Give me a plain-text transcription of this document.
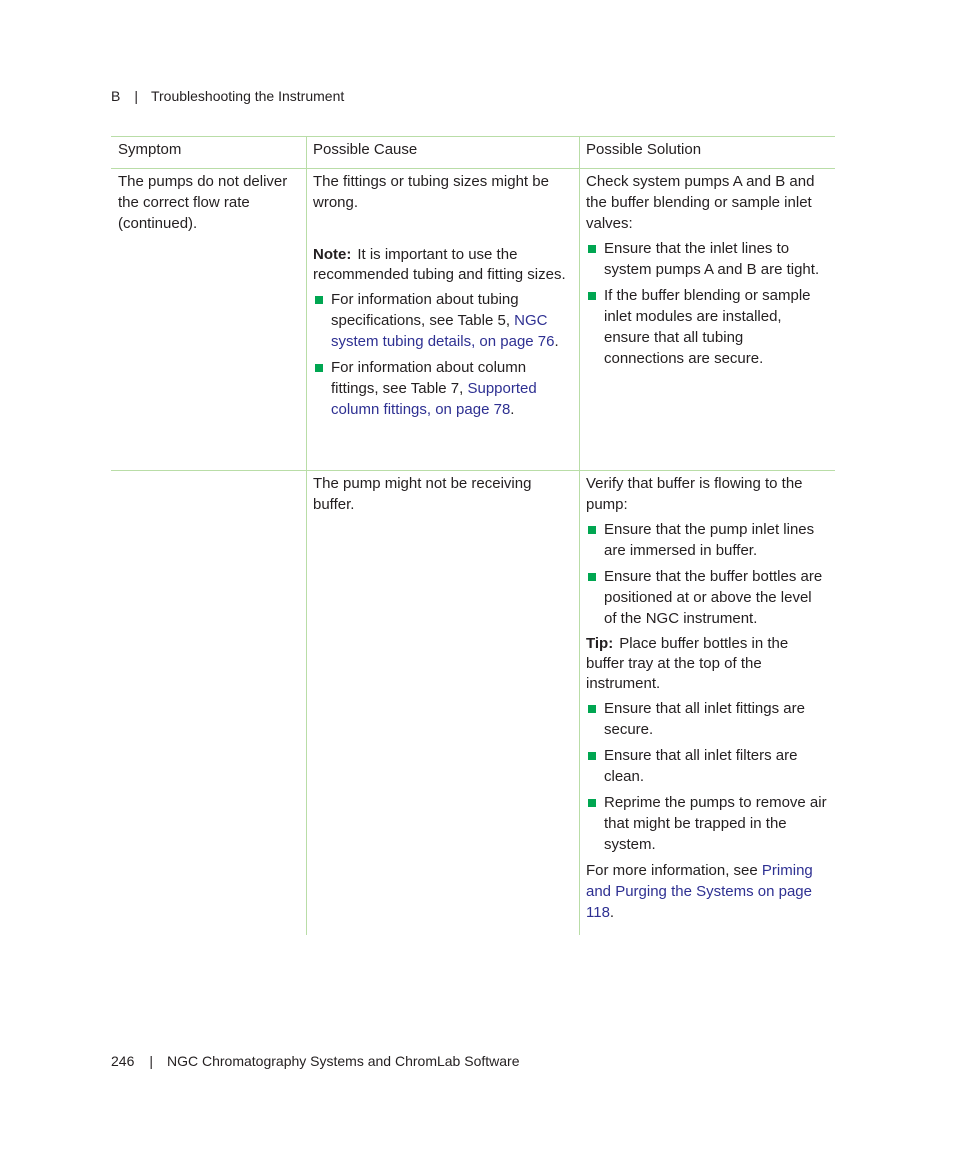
B | Troubleshooting the Instrument
Symptom	Possible Cause	Possible Solution

The pumps do not deliver the correct flow rate (continued).

The fittings or tubing sizes might be wrong.

Note: It is important to use the recommended tubing and fitting sizes.

For information about tubing specifications, see Table 5, NGC system tubing details, on page 76.
For information about column fittings, see Table 7, Supported column fittings, on page 78.

Check system pumps A and B and the buffer blending or sample inlet valves:

Ensure that the inlet lines to system pumps A and B are tight.
If the buffer blending or sample inlet modules are installed, ensure that all tubing connections are secure.

The pump might not be receiving buffer.

Verify that buffer is flowing to the pump:

Ensure that the pump inlet lines are immersed in buffer.
Ensure that the buffer bottles are positioned at or above the level of the NGC instrument.

Tip: Place buffer bottles in the buffer tray at the top of the instrument.

Ensure that all inlet fittings are secure.
Ensure that all inlet filters are clean.
Reprime the pumps to remove air that might be trapped in the system.

For more information, see Priming and Purging the Systems on page 118.

246 | NGC Chromatography Systems and ChromLab Software
